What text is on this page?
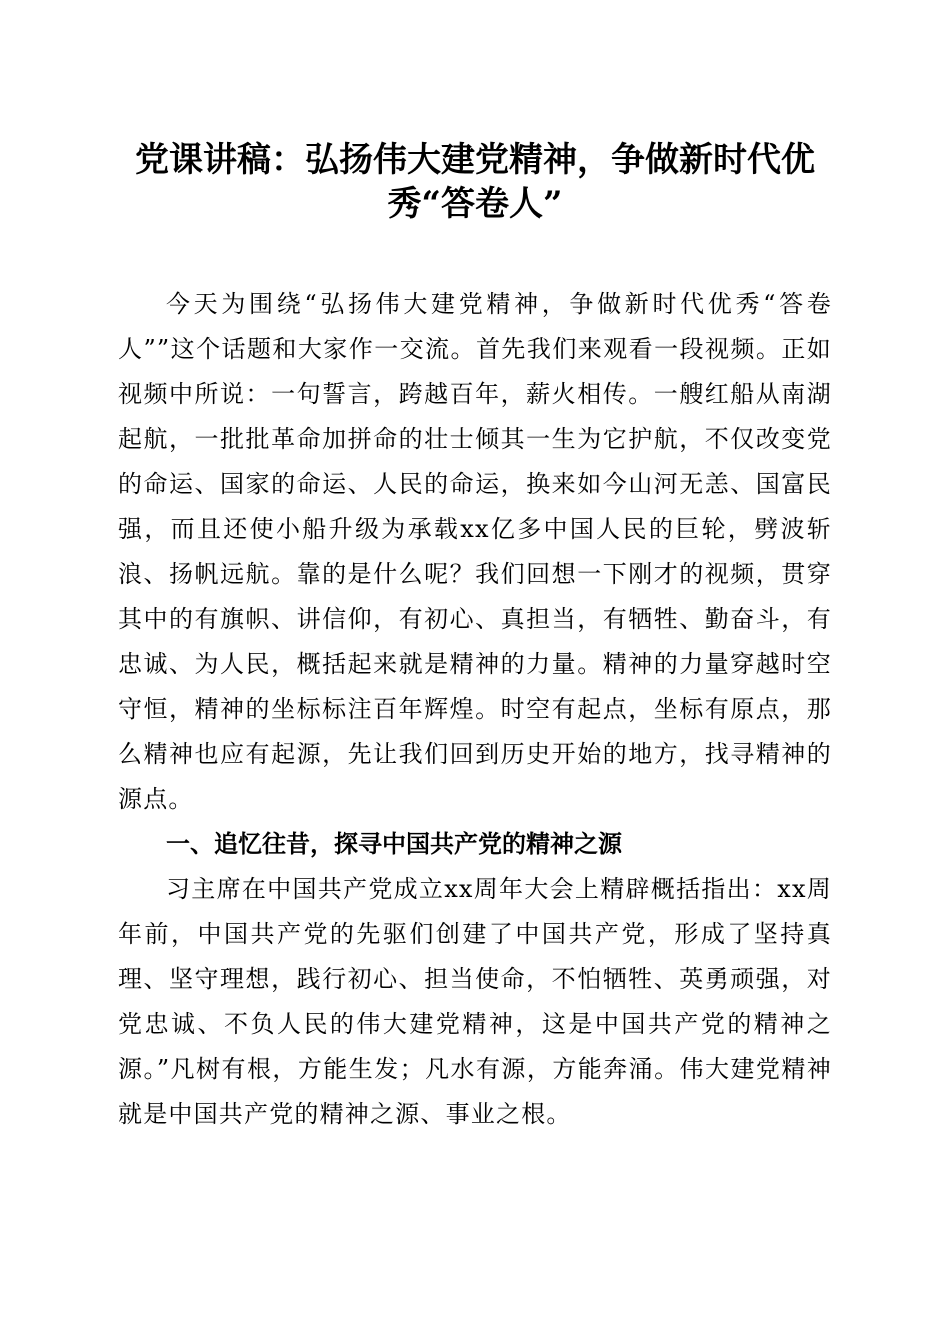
党课讲稿：弘扬伟大建党精神，争做新时代优秀“答卷人”

今天为围绕“弘扬伟大建党精神，争做新时代优秀“答卷人””这个话题和大家作一交流。首先我们来观看一段视频。正如视频中所说：一句誓言，跨越百年，薪火相传。一艘红船从南湖起航，一批批革命加拼命的壮士倾其一生为它护航，不仅改变党的命运、国家的命运、人民的命运，换来如今山河无恙、国富民强，而且还使小船升级为承载xx亿多中国人民的巨轮，劈波斩浪、扬帆远航。靠的是什么呢？我们回想一下刚才的视频，贯穿其中的有旗帜、讲信仰，有初心、真担当，有牺牲、勤奋斗，有忠诚、为人民，概括起来就是精神的力量。精神的力量穿越时空守恒，精神的坐标标注百年辉煌。时空有起点，坐标有原点，那么精神也应有起源，先让我们回到历史开始的地方，找寻精神的源点。

一、追忆往昔，探寻中国共产党的精神之源

习主席在中国共产党成立xx周年大会上精辟概括指出：xx周年前，中国共产党的先驱们创建了中国共产党，形成了坚持真理、坚守理想，践行初心、担当使命，不怕牺牲、英勇顽强，对党忠诚、不负人民的伟大建党精神，这是中国共产党的精神之源。”凡树有根，方能生发；凡水有源，方能奔涌。伟大建党精神就是中国共产党的精神之源、事业之根。
